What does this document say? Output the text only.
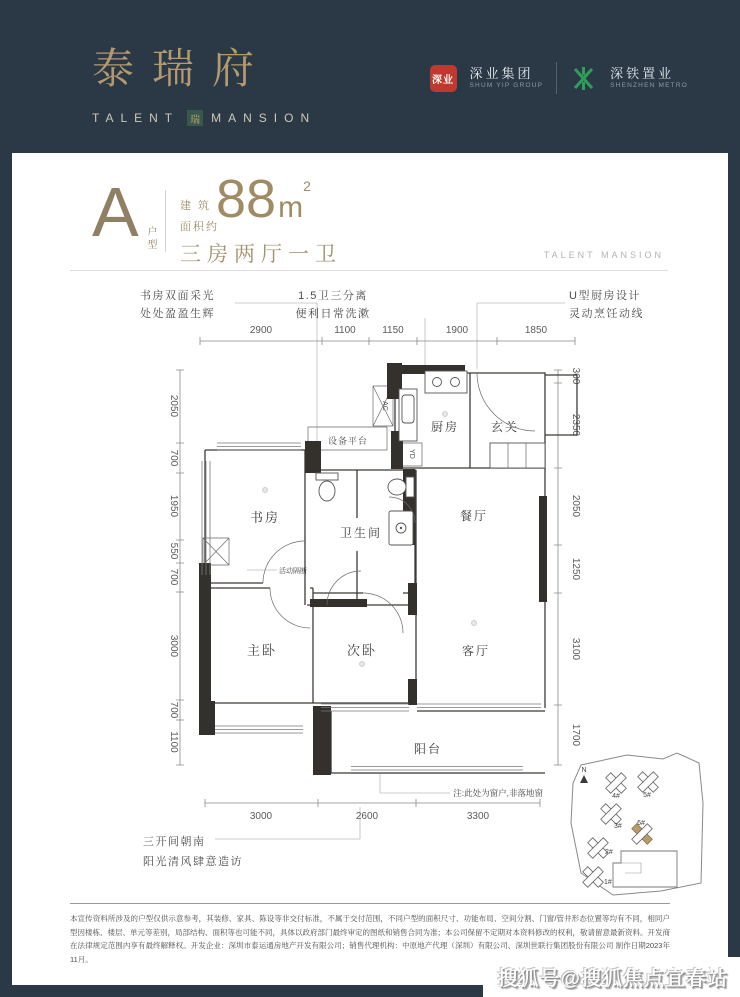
泰瑞府
TALENT	瑞 MANSION
深业 深业集团
SHUM YIP GROUP
深铁置业
SHENZHEN METRO
A 户型
建 筑
面积约
88 m
2
三房两厅一卫	TALENT MANSION
书房双面采光
处处盈盈生辉
1.5卫三分离
便利日常洗漱
U型厨房设计
灵动烹饪动线
三开间朝南
阳光清风肆意造访
注:此处为窗户,非落地窗
2900	1100	1150	1900	1850
3000	2600	3300
2050
700
1950
550
700
3000
700
1100
300
2350
2050
1250
3100
1700
设备平台
AC
YD
厨房	玄关
书房
卫生间
餐厅
主卧	次卧	客厅
阳台
活动隔断
N
1#
2#
3#
4#	5#
6#
本宣传资料所涉及的户型仅供示意参考，其装修、家具、陈设等非交付标准，不属于交付范围，不同户型的面积尺寸、功能布局、空间分割、门窗/管井形态位置等均有不同，相同户型因楼栋、楼层、单元等差别，局部结构、面积等也可能不同，具体以政府部门最终审定的图纸和销售合同为准；本公司保留不定期对本资料修改的权利，敬请留意最新资料。开发商在法律规定范围内享有最终解释权。开发企业：深圳市泰运通房地产开发有限公司；销售代理机构：中原地产代理（深圳）有限公司、深圳世联行集团股份有限公司 制作日期2023年11月。
搜狐号@搜狐焦点宜春站
